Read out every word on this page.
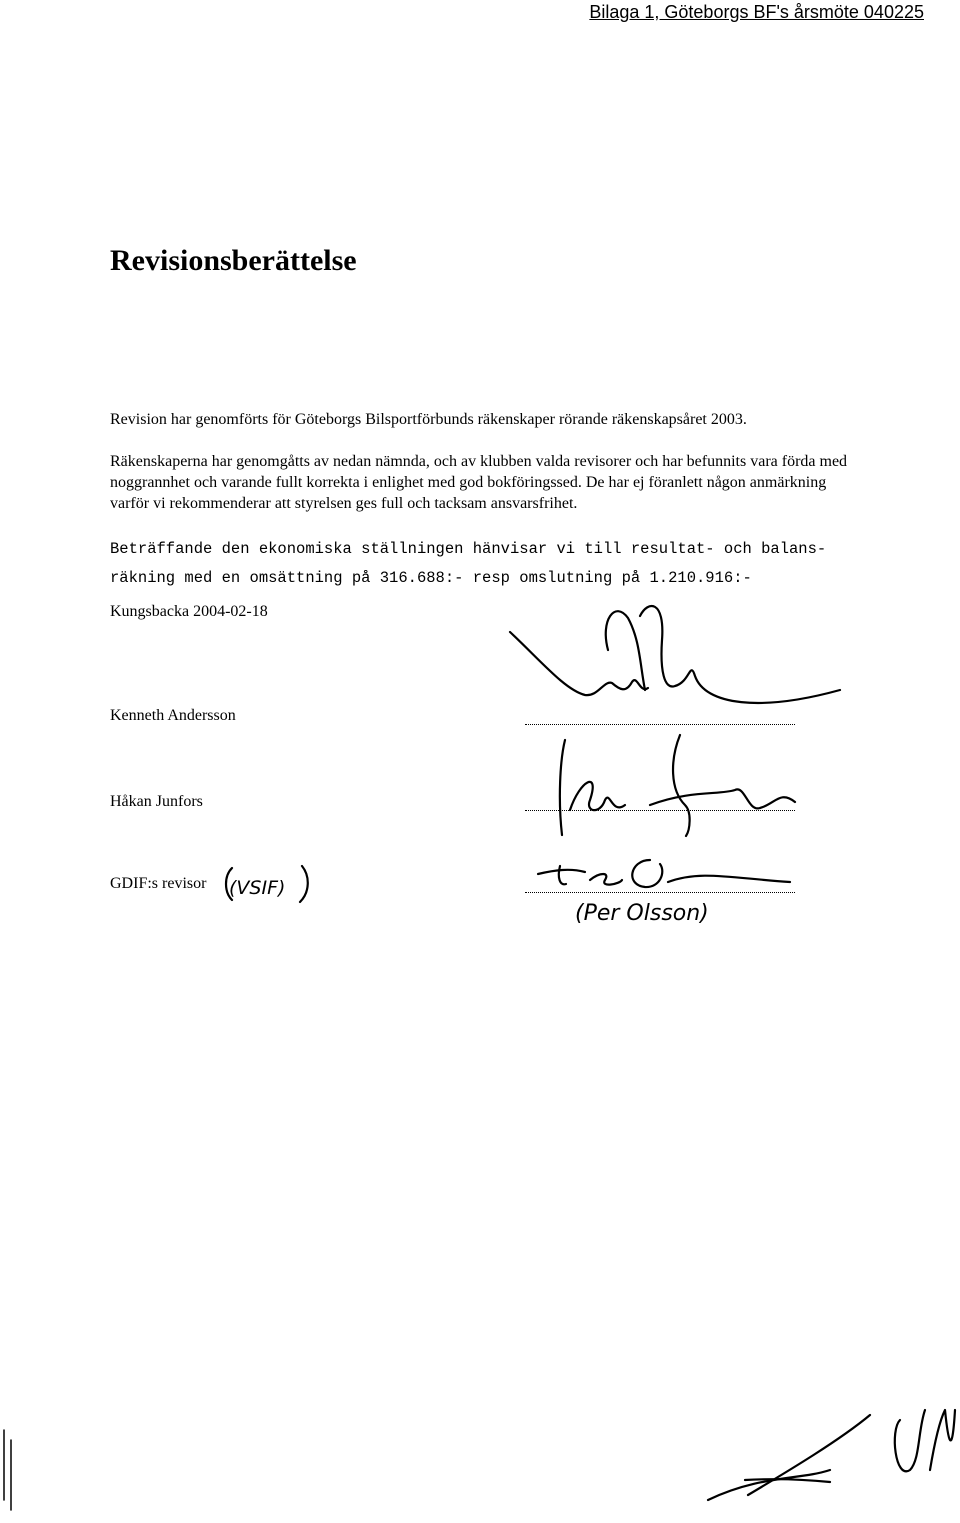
Bilaga 1, Göteborgs BF's årsmöte 040225
Revisionsberättelse

Revision har genomförts för Göteborgs Bilsportförbunds räkenskaper rörande räkenskapsåret 2003.

Räkenskaperna har genomgåtts av nedan nämnda, och av klubben valda revisorer och har befunnits vara förda med noggrannhet och varande fullt korrekta i enlighet med god bokföringssed. De har ej föranlett någon anmärkning varför vi rekommenderar att styrelsen ges full och tacksam ansvarsfrihet.

Beträffande den ekonomiska ställningen hänvisar vi till resultat- och balans-räkning med en omsättning på 316.688:- resp omslutning på 1.210.916:-

Kungsbacka 2004-02-18
Kenneth Andersson
Håkan Junfors
GDIF:s revisor (VSIF)
(Per Olsson)
